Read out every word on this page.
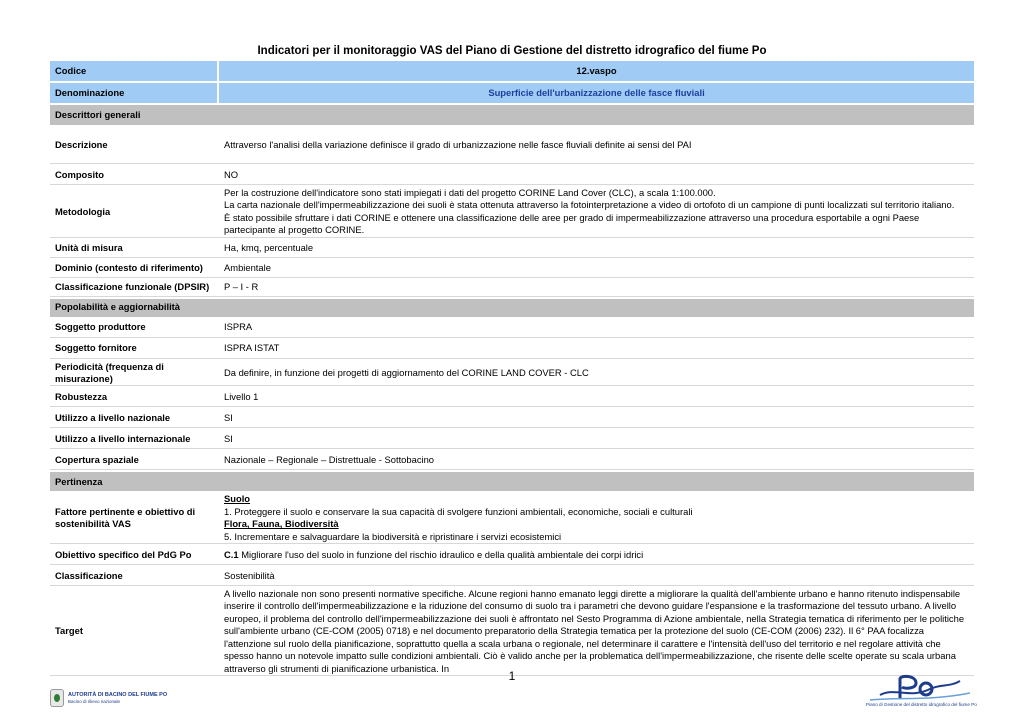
Indicatori per il monitoraggio VAS del Piano di Gestione del distretto idrografico del fiume Po
Codice	12.vaspo
Denominazione	Superficie dell'urbanizzazione delle fasce fluviali
Descrittori generali	
Descrizione	Attraverso l'analisi della variazione definisce il grado di urbanizzazione nelle fasce fluviali definite ai sensi del PAI
Composito	NO
Metodologia	Per la costruzione dell'indicatore sono stati impiegati i dati del progetto CORINE Land Cover (CLC), a scala 1:100.000.
La carta nazionale dell'impermeabilizzazione dei suoli è stata ottenuta attraverso la fotointerpretazione a video di ortofoto di un campione di punti localizzati sul territorio italiano.
È stato possibile sfruttare i dati CORINE e ottenere una classificazione delle aree per grado di impermeabilizzazione attraverso una procedura esportabile a ogni Paese partecipante al progetto CORINE.

Unità di misura	Ha, kmq, percentuale
Dominio (contesto di riferimento)	Ambientale
Classificazione funzionale (DPSIR)	P – I - R
Popolabilità e aggiornabilità	
Soggetto produttore	ISPRA
Soggetto fornitore	ISPRA ISTAT
Periodicità (frequenza di misurazione)	Da definire, in funzione dei progetti di aggiornamento del CORINE LAND COVER - CLC
Robustezza	Livello 1
Utilizzo a livello nazionale	SI
Utilizzo a livello internazionale	SI
Copertura spaziale	Nazionale – Regionale – Distrettuale - Sottobacino
Pertinenza	
Fattore pertinente e obiettivo di sostenibilità VAS	Suolo
1. Proteggere il suolo e conservare la sua capacità di svolgere funzioni ambientali, economiche, sociali e culturali
Flora, Fauna, Biodiversità
5. Incrementare e salvaguardare la biodiversità e ripristinare i servizi ecosistemici

Obiettivo specifico del PdG Po	C.1 Migliorare l'uso del suolo in funzione del rischio idraulico e della qualità ambientale dei corpi idrici
Classificazione	Sostenibilità
Target	A livello nazionale non sono presenti normative specifiche. Alcune regioni hanno emanato leggi dirette a migliorare la qualità dell'ambiente urbano e hanno ritenuto indispensabile inserire il controllo dell'impermeabilizzazione e la riduzione del consumo di suolo tra i parametri che devono guidare l'espansione e la trasformazione del tessuto urbano. A livello europeo, il problema del controllo dell'impermeabilizzazione dei suoli è affrontato nel Sesto Programma di Azione ambientale, nella Strategia tematica di riferimento per le politiche sull'ambiente urbano (CE-COM (2005) 0718) e nel documento preparatorio della Strategia tematica per la protezione del suolo (CE-COM (2006) 232). Il 6° PAA focalizza l'attenzione sul ruolo della pianificazione, soprattutto quella a scala urbana o regionale, nel determinare il carattere e l'intensità dell'uso del territorio e nel regolare attività che spesso hanno un notevole impatto sulle condizioni ambientali. Ciò è valido anche per la problematica dell'impermeabilizzazione, che risente delle scelte operate su scala urbana attraverso gli strumenti di pianificazione urbanistica. In
1
AUTORITÀ DI BACINO DEL FIUME PO
Bacino di rilievo nazionale
Piano di Gestione del distretto idrografico del fiume Po
